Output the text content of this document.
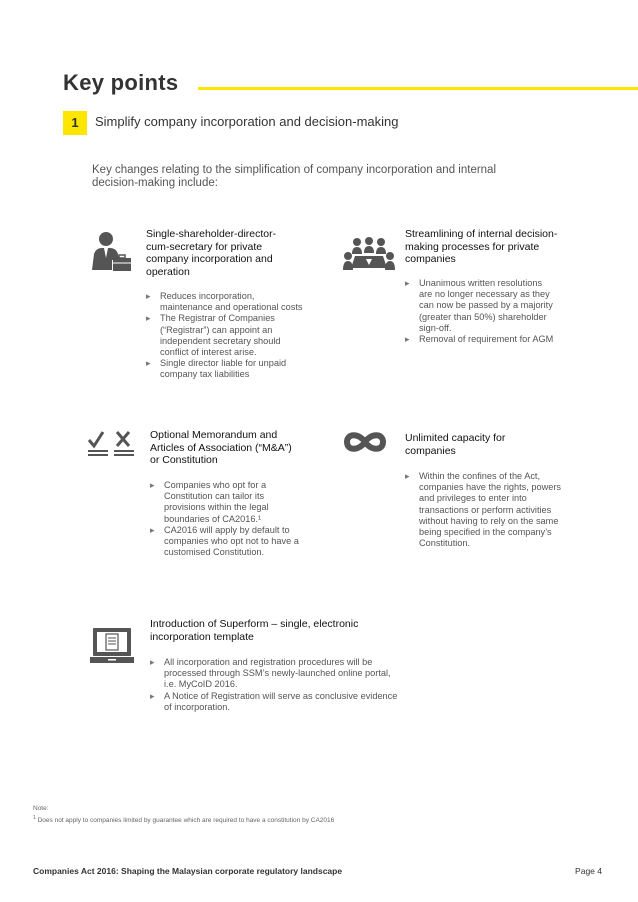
Key points
1	Simplify company incorporation and decision-making
Key changes relating to the simplification of company incorporation and internal decision-making include:
Single-shareholder-director-cum-secretary for private company incorporation and operation
▸ Reduces incorporation, maintenance and operational costs
▸ The Registrar of Companies (“Registrar”) can appoint an independent secretary should conflict of interest arise.
▸ Single director liable for unpaid company tax liabilities
Streamlining of internal decision-making processes for private companies
▸ Unanimous written resolutions are no longer necessary as they can now be passed by a majority (greater than 50%) shareholder sign-off.
▸ Removal of requirement for AGM
Optional Memorandum and Articles of Association (“M&A”) or Constitution
▸ Companies who opt for a Constitution can tailor its provisions within the legal boundaries of CA2016.¹
▸ CA2016 will apply by default to companies who opt not to have a customised Constitution.
Unlimited capacity for companies
▸ Within the confines of the Act, companies have the rights, powers and privileges to enter into transactions or perform activities without having to rely on the same being specified in the company’s Constitution.
Introduction of Superform – single, electronic incorporation template
▸ All incorporation and registration procedures will be processed through SSM’s newly-launched online portal, i.e. MyCoID 2016.
▸ A Notice of Registration will serve as conclusive evidence of incorporation.
Note:
$^1$ Does not apply to companies limited by guarantee which are required to have a constitution by CA2016
Companies Act 2016: Shaping the Malaysian corporate regulatory landscape	Page 4
